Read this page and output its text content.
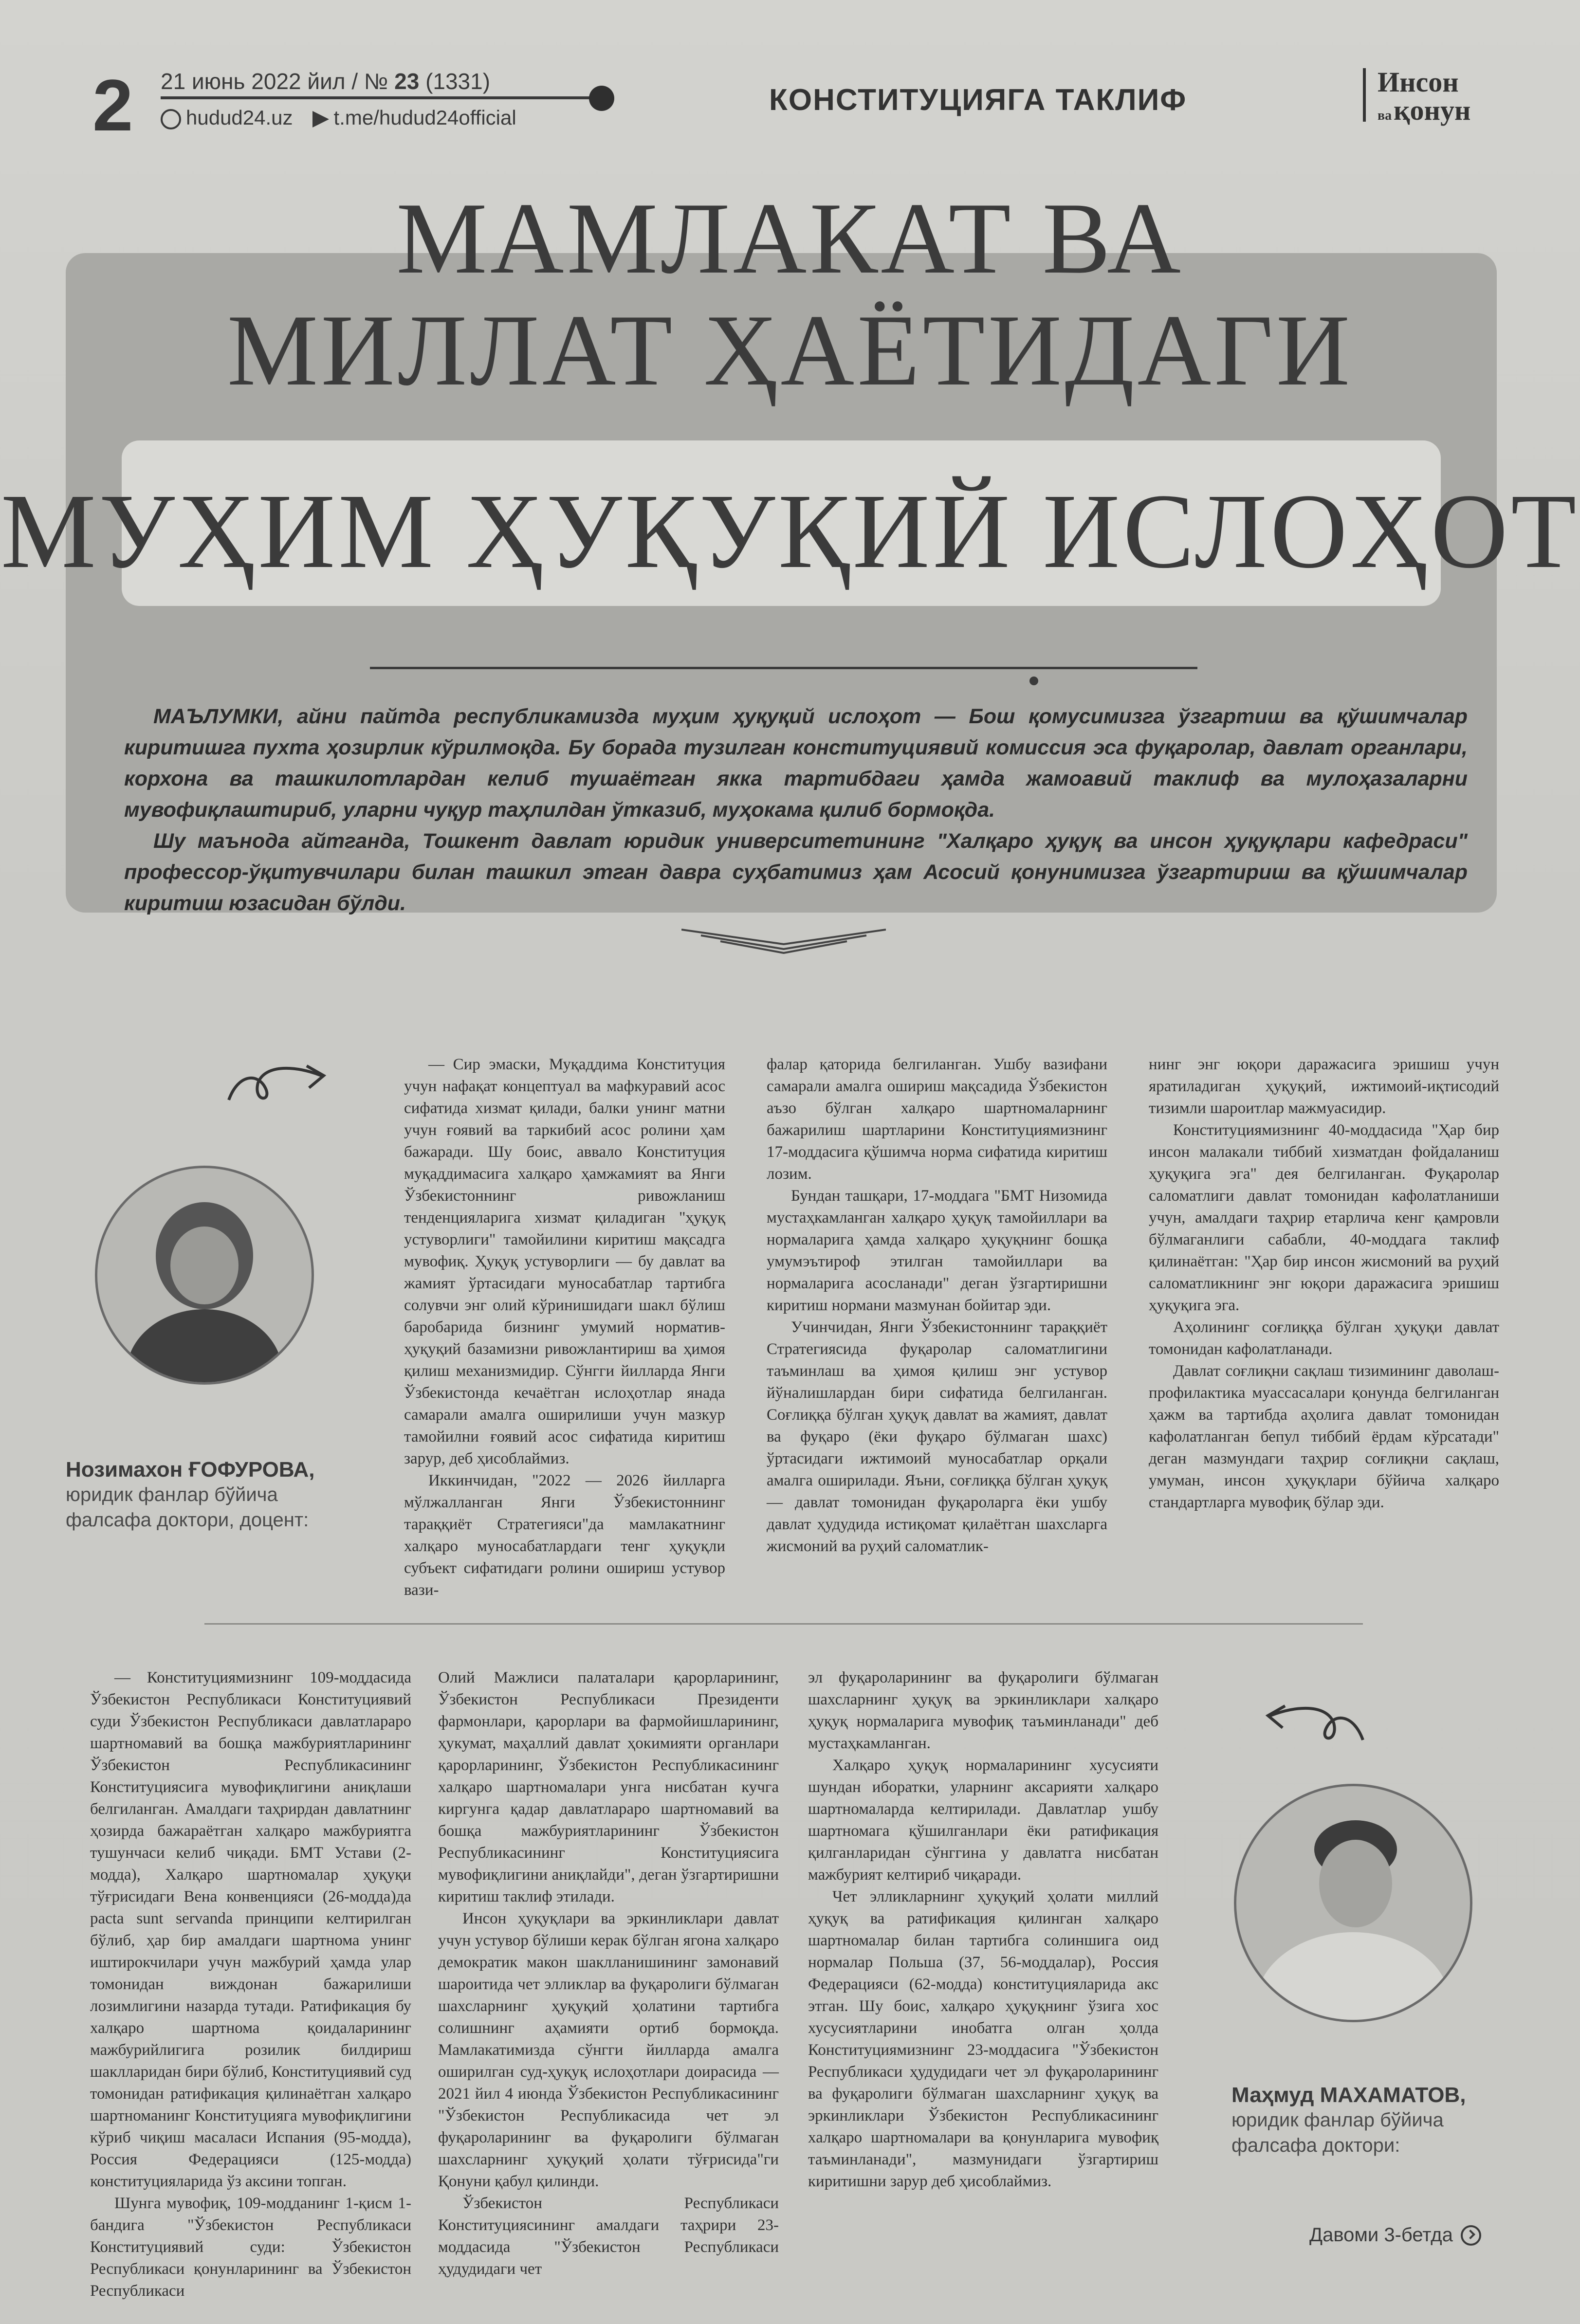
2 21 июнь 2022 йил / № 23 (1331)
hudud24.uz	t.me/hudud24official
КОНСТИТУЦИЯГА ТАКЛИФ
Инсон
ва қонун
МАМЛАКАТ ВА
МИЛЛАТ ҲАЁТИДАГИ
МУҲИМ ҲУҚУҚИЙ ИСЛОҲОТ

МАЪЛУМКИ, айни пайтда республикамизда муҳим ҳуқуқий ислоҳот — Бош қомусимизга ўзгартиш ва қўшимчалар киритишга пухта ҳозирлик кўрилмоқда. Бу борада тузилган конституциявий комиссия эса фуқаролар, давлат органлари, корхона ва ташкилотлардан келиб тушаётган якка тартибдаги ҳамда жамоавий таклиф ва мулоҳазаларни мувофиқлаштириб, уларни чуқур таҳлилдан ўтказиб, муҳокама қилиб бормоқда.

Шу маънода айтганда, Тошкент давлат юридик университетининг "Халқаро ҳуқуқ ва инсон ҳуқуқлари кафедраси" профессор-ўқитувчилари билан ташкил этган давра суҳбатимиз ҳам Асосий қонунимизга ўзгартириш ва қўшимчалар киритиш юзасидан бўлди.

Нозимахон ҒОФУРОВА,
юридик фанлар бўйича фалсафа доктори, доцент:

— Сир эмаски, Муқаддима Конституция учун нафақат концептуал ва мафкуравий асос сифатида хизмат қилади, балки унинг матни учун ғоявий ва таркибий асос ролини ҳам бажаради. Шу боис, аввало Конституция муқаддимасига халқаро ҳамжамият ва Янги Ўзбекистоннинг ривожланиш тенденцияларига хизмат қиладиган "ҳуқуқ устуворлиги" тамойилини киритиш мақсадга мувофиқ. Ҳуқуқ устуворлиги — бу давлат ва жамият ўртасидаги муносабатлар тартибга солувчи энг олий кўринишидаги шакл бўлиш баробарида бизнинг умумий норматив-ҳуқуқий базамизни ривожлантириш ва ҳимоя қилиш механизмидир. Сўнгги йилларда Янги Ўзбекистонда кечаётган ислоҳотлар янада самарали амалга оширилиши учун мазкур тамойилни ғоявий асос сифатида киритиш зарур, деб ҳисоблаймиз.

Иккинчидан, "2022 — 2026 йилларга мўлжалланган Янги Ўзбекистоннинг тараққиёт Стратегияси"да мамлакатнинг халқаро муносабатлардаги тенг ҳуқуқли субъект сифатидаги ролини ошириш устувор вази-

фалар қаторида белгиланган. Ушбу вазифани самарали амалга ошириш мақсадида Ўзбекистон аъзо бўлган халқаро шартномаларнинг бажарилиш шартларини Конституциямизнинг 17-моддасига қўшимча норма сифатида киритиш лозим.

Бундан ташқари, 17-моддага "БМТ Низомида мустаҳкамланган халқаро ҳуқуқ тамойиллари ва нормаларига ҳамда халқаро ҳуқуқнинг бошқа умумэътироф этилган тамойиллари ва нормаларига асосланади" деган ўзгартиришни киритиш нормани мазмунан бойитар эди.

Учинчидан, Янги Ўзбекистоннинг тараққиёт Стратегиясида фуқаролар саломатлигини таъминлаш ва ҳимоя қилиш энг устувор йўналишлардан бири сифатида белгиланган. Соғлиққа бўлган ҳуқуқ давлат ва жамият, давлат ва фуқаро (ёки фуқаро бўлмаган шахс) ўртасидаги ижтимоий муносабатлар орқали амалга оширилади. Яъни, соғлиққа бўлган ҳуқуқ — давлат томонидан фуқароларга ёки ушбу давлат ҳудудида истиқомат қилаётган шахсларга жисмоний ва руҳий саломатлик-

нинг энг юқори даражасига эришиш учун яратиладиган ҳуқуқий, ижтимоий-иқтисодий тизимли шароитлар мажмуасидир.

Конституциямизнинг 40-моддасида "Ҳар бир инсон малакали тиббий хизматдан фойдаланиш ҳуқуқига эга" дея белгиланган. Фуқаролар саломатлиги давлат томонидан кафолатланиши учун, амалдаги таҳрир етарлича кенг қамровли бўлмаганлиги сабабли, 40-моддага таклиф қилинаётган: "Ҳар бир инсон жисмоний ва руҳий саломатликнинг энг юқори даражасига эришиш ҳуқуқига эга.

Аҳолининг соғлиққа бўлган ҳуқуқи давлат томонидан кафолатланади.

Давлат соғлиқни сақлаш тизимининг даволаш-профилактика муассасалари қонунда белгиланган ҳажм ва тартибда аҳолига давлат томонидан кафолатланган бепул тиббий ёрдам кўрсатади" деган мазмундаги таҳрир соғлиқни сақлаш, умуман, инсон ҳуқуқлари бўйича халқаро стандартларга мувофиқ бўлар эди.

— Конституциямизнинг 109-моддасида Ўзбекистон Республикаси Конституциявий суди Ўзбекистон Республикаси давлатлараро шартномавий ва бошқа мажбуриятларининг Ўзбекистон Республикасининг Конституциясига мувофиқлигини аниқлаши белгиланган. Амалдаги таҳрирдан давлатнинг ҳозирда бажараётган халқаро мажбуриятга тушунчаси келиб чиқади. БМТ Устави (2-модда), Халқаро шартномалар ҳуқуқи тўғрисидаги Вена конвенцияси (26-модда)да pacta sunt servanda принципи келтирилган бўлиб, ҳар бир амалдаги шартнома унинг иштирокчилари учун мажбурий ҳамда улар томонидан виждонан бажарилиши лозимлигини назарда тутади. Ратификация бу халқаро шартнома қоидаларининг мажбурийлигига розилик билдириш шаклларидан бири бўлиб, Конституциявий суд томонидан ратификация қилинаётган халқаро шартноманинг Конституцияга мувофиқлигини кўриб чиқиш масаласи Испания (95-модда), Россия Федерацияси (125-модда) конституцияларида ўз аксини топган.

Шунга мувофиқ, 109-модданинг 1-қисм 1-бандига "Ўзбекистон Республикаси Конституциявий суди: Ўзбекистон Республикаси қонунларининг ва Ўзбекистон Республикаси

Олий Мажлиси палаталари қарорларининг, Ўзбекистон Республикаси Президенти фармонлари, қарорлари ва фармойишларининг, ҳукумат, маҳаллий давлат ҳокимияти органлари қарорларининг, Ўзбекистон Республикасининг халқаро шартномалари унга нисбатан кучга киргунга қадар давлатлараро шартномавий ва бошқа мажбуриятларининг Ўзбекистон Республикасининг Конституциясига мувофиқлигини аниқлайди", деган ўзгартиришни киритиш таклиф этилади.

Инсон ҳуқуқлари ва эркинликлари давлат учун устувор бўлиши керак бўлган ягона халқаро демократик макон шаклланишининг замонавий шароитида чет элликлар ва фуқаролиги бўлмаган шахсларнинг ҳуқуқий ҳолатини тартибга солишнинг аҳамияти ортиб бормоқда. Мамлакатимизда сўнгги йилларда амалга оширилган суд-ҳуқуқ ислоҳотлари доирасида — 2021 йил 4 июнда Ўзбекистон Республикасининг "Ўзбекистон Республикасида чет эл фуқароларининг ва фуқаролиги бўлмаган шахсларнинг ҳуқуқий ҳолати тўғрисида"ги Қонуни қабул қилинди.

Ўзбекистон Республикаси Конституциясининг амалдаги таҳрири 23-моддасида "Ўзбекистон Республикаси ҳудудидаги чет

эл фуқароларининг ва фуқаролиги бўлмаган шахсларнинг ҳуқуқ ва эркинликлари халқаро ҳуқуқ нормаларига мувофиқ таъминланади" деб мустаҳкамланган.

Халқаро ҳуқуқ нормаларининг хусусияти шундан иборатки, уларнинг аксарияти халқаро шартномаларда келтирилади. Давлатлар ушбу шартномага қўшилганлари ёки ратификация қилганларидан сўнггина у давлатга нисбатан мажбурият келтириб чиқаради.

Чет элликларнинг ҳуқуқий ҳолати миллий ҳуқуқ ва ратификация қилинган халқаро шартномалар билан тартибга солиншига оид нормалар Польша (37, 56-моддалар), Россия Федерацияси (62-модда) конституцияларида акс этган. Шу боис, халқаро ҳуқуқнинг ўзига хос хусусиятларини инобатга олган ҳолда Конституциямизнинг 23-моддасига "Ўзбекистон Республикаси ҳудудидаги чет эл фуқароларининг ва фуқаролиги бўлмаган шахсларнинг ҳуқуқ ва эркинликлари Ўзбекистон Республикасининг халқаро шартномалари ва қонунларига мувофиқ таъминланади", мазмунидаги ўзгартириш киритишни зарур деб ҳисоблаймиз.

Маҳмуд МАХАМАТОВ,
юридик фанлар бўйича фалсафа доктори:
Давоми 3-бетда
